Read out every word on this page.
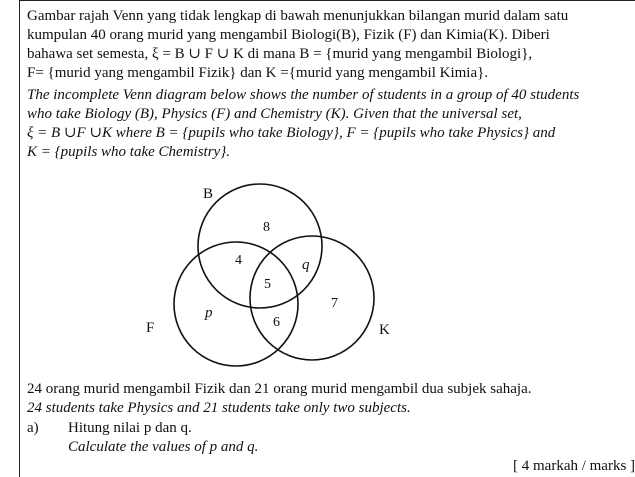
Gambar rajah Venn yang tidak lengkap di bawah menunjukkan bilangan murid dalam satu
kumpulan 40 orang murid yang mengambil Biologi(B), Fizik (F) dan Kimia(K). Diberi
bahawa set semesta, ξ = B ∪ F ∪ K di mana B = {murid yang mengambil Biologi},
F= {murid yang mengambil Fizik} dan K ={murid yang mengambil Kimia}.
The incomplete Venn diagram below shows the number of students in a group of 40 students
who take Biology (B), Physics (F) and Chemistry (K). Given that the universal set,
ξ = B ∪F ∪K where B = {pupils who take Biology}, F = {pupils who take Physics} and
K = {pupils who take Chemistry}.
B
F	K
8
4	q
5
p
7
6
24 orang murid mengambil Fizik dan 21 orang murid mengambil dua subjek sahaja.
24 students take Physics and 21 students take only two subjects.
a) Hitung nilai p dan q.
Calculate the values of p and q.
[ 4 markah / marks ]
